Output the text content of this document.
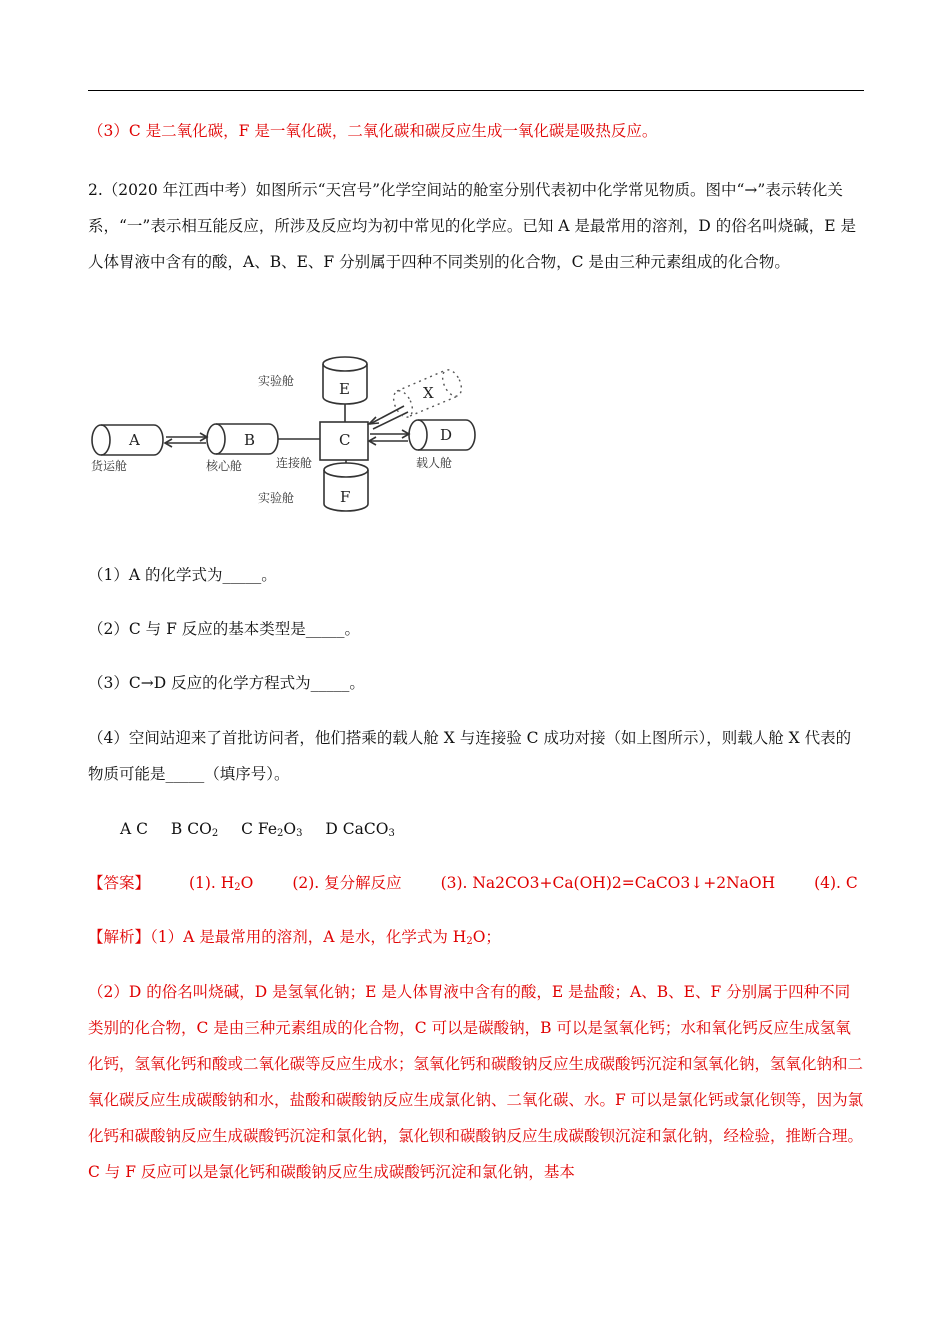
（3）C 是二氧化碳，F 是一氧化碳，二氧化碳和碳反应生成一氧化碳是吸热反应。

2.（2020 年江西中考）如图所示“天宫号”化学空间站的舱室分别代表初中化学常见物质。图中“→”表示转化关系，“一”表示相互能反应，所涉及反应均为初中常见的化学应。已知 A 是最常用的溶剂，D 的俗名叫烧碱，E 是人体胃液中含有的酸，A、B、E、F 分别属于四种不同类别的化合物，C 是由三种元素组成的化合物。

A	B	C	D
E
F
X
实验舱
货运舱	核心舱	连接舱	载人舱
实验舱

（1）A 的化学式为_____。

（2）C 与 F 反应的基本类型是_____。

（3）C→D 反应的化学方程式为_____。

（4）空间站迎来了首批访问者，他们搭乘的载人舱 X 与连接验 C 成功对接（如上图所示），则载人舱 X 代表的物质可能是_____（填序号）。

A C B $CO_2$ C $Fe_2O_3$ D CaCO$_3$

【答案】	(1). $H_2O$	(2). 复分解反应	(3). Na2CO3+Ca(OH)2=CaCO3↓+2NaOH	(4). C

【解析】（1）A 是最常用的溶剂，A 是水，化学式为 $H_2O$；

（2）D 的俗名叫烧碱，D 是氢氧化钠；E 是人体胃液中含有的酸，E 是盐酸；A、B、E、F 分别属于四种不同类别的化合物，C 是由三种元素组成的化合物，C 可以是碳酸钠，B 可以是氢氧化钙；水和氧化钙反应生成氢氧化钙，氢氧化钙和酸或二氧化碳等反应生成水；氢氧化钙和碳酸钠反应生成碳酸钙沉淀和氢氧化钠，氢氧化钠和二氧化碳反应生成碳酸钠和水，盐酸和碳酸钠反应生成氯化钠、二氧化碳、水。F 可以是氯化钙或氯化钡等，因为氯化钙和碳酸钠反应生成碳酸钙沉淀和氯化钠，氯化钡和碳酸钠反应生成碳酸钡沉淀和氯化钠，经检验，推断合理。C 与 F 反应可以是氯化钙和碳酸钠反应生成碳酸钙沉淀和氯化钠，基本
